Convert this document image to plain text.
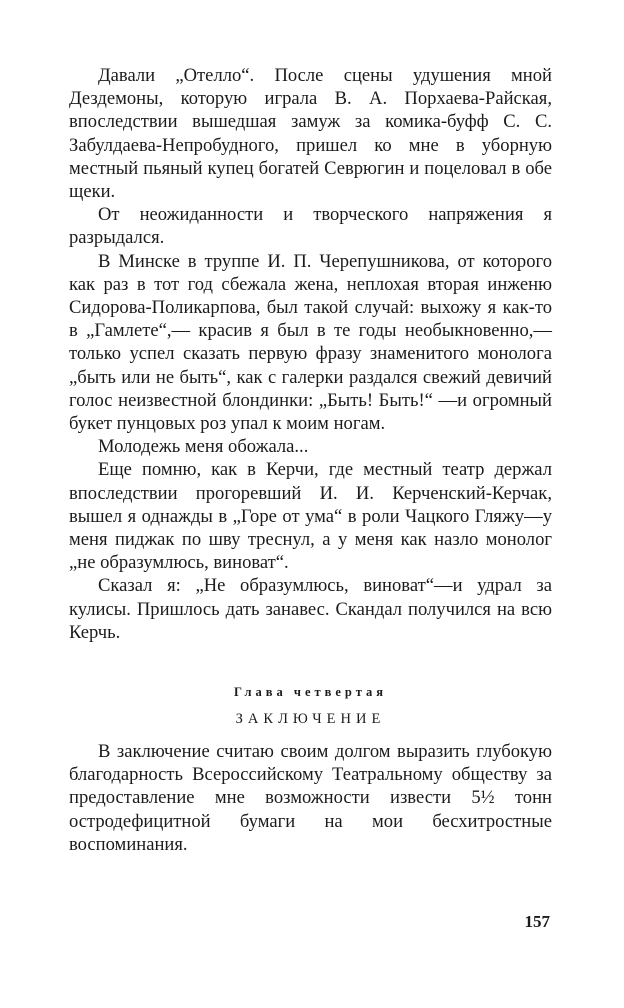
Давали „Отелло“. После сцены удушения мной Дездемоны, которую играла В. А. Порхаева-Райская, впоследствии вышедшая замуж за комика-буфф С. С. Забулдаева-Непробудного, пришел ко мне в уборную местный пьяный купец богатей Севрюгин и поцеловал в обе щеки.

От неожиданности и творческого напряжения я разрыдался.

В Минске в труппе И. П. Черепушникова, от которого как раз в тот год сбежала жена, неплохая вторая инженю Сидорова-Поликарпова, был такой случай: выхожу я как-то в „Гамлете“,— красив я был в те годы необыкновенно,—только успел сказать первую фразу знаменитого монолога „быть или не быть“, как с галерки раздался свежий девичий голос неизвестной блондинки: „Быть! Быть!“ —и огромный букет пунцовых роз упал к моим ногам.

Молодежь меня обожала...

Еще помню, как в Керчи, где местный театр держал впоследствии прогоревший И. И. Керченский-Керчак, вышел я однажды в „Горе от ума“ в роли Чацкого Гляжу—у меня пиджак по шву треснул, а у меня как назло монолог „не образумлюсь, виноват“.

Сказал я: „Не образумлюсь, виноват“—и удрал за кулисы. Пришлось дать занавес. Скандал получился на всю Керчь.

Глава четвертая
ЗАКЛЮЧЕНИЕ

В заключение считаю своим долгом выразить глубокую благодарность Всероссийскому Театральному обществу за предоставление мне возможности извести 5½ тонн остродефицитной бумаги на мои бесхитростные воспоминания.

157
